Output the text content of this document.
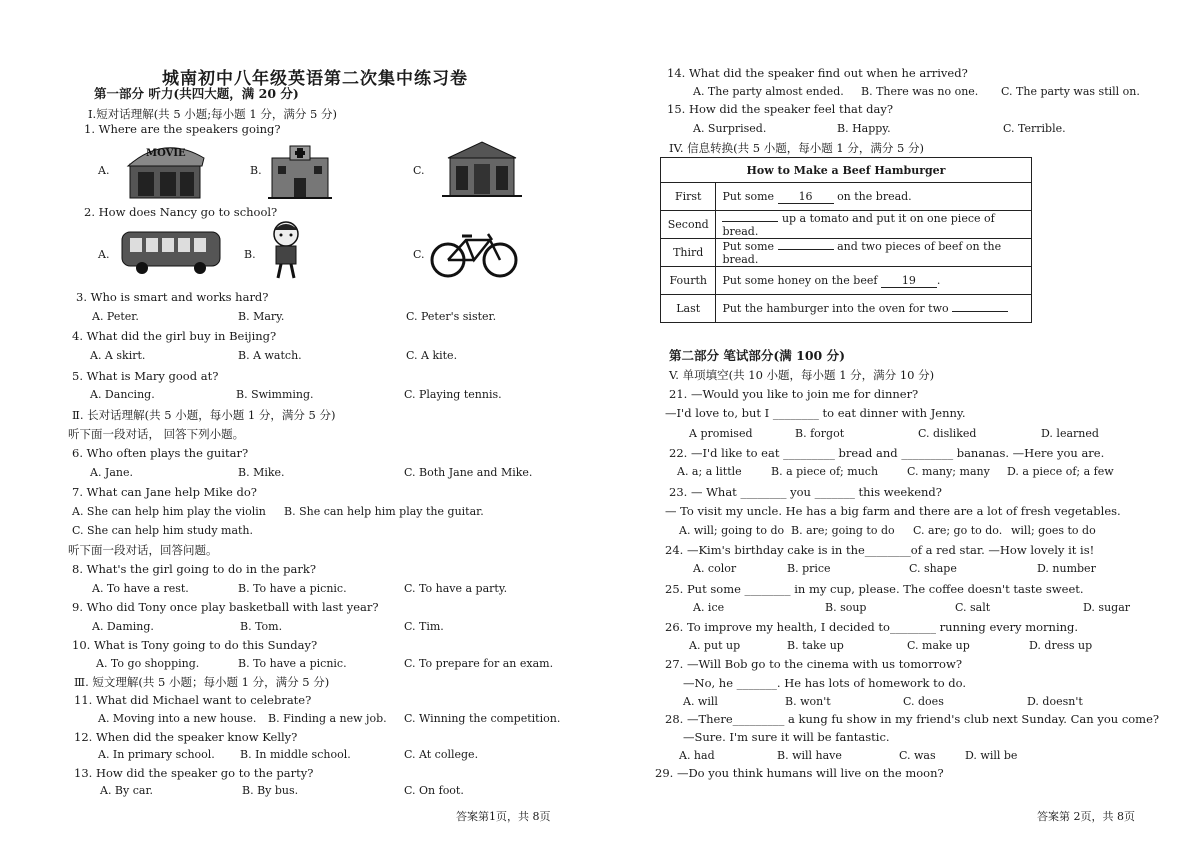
城南初中八年级英语第二次集中练习卷
第一部分 听力(共四大题，满 20 分)
Ⅰ.短对话理解(共 5 小题;每小题 1 分，满分 5 分)
1. Where are the speakers going?
A.	B.	C.
MOVIE
2. How does Nancy go to school?
A.	B.	C.
3. Who is smart and works hard?
A. Peter.	B. Mary.	C. Peter's sister.
4. What did the girl buy in Beijing?
A. A skirt.	B. A watch.	C. A kite.
5. What is Mary good at?
A. Dancing.	B. Swimming.	C. Playing tennis.
Ⅱ. 长对话理解(共 5 小题，每小题 1 分，满分 5 分)
听下面一段对话， 回答下列小题。
6. Who often plays the guitar?
A. Jane.	B. Mike.	C. Both Jane and Mike.
7. What can Jane help Mike do?
A. She can help him play the violin B. She can help him play the guitar.
C. She can help him study math.
听下面一段对话，回答问题。
8. What's the girl going to do in the park?
A. To have a rest.	B. To have a picnic.	C. To have a party.
9. Who did Tony once play basketball with last year?
A. Daming.	B. Tom.	C. Tim.
10. What is Tony going to do this Sunday?
A. To go shopping.	B. To have a picnic.	C. To prepare for an exam.
Ⅲ. 短文理解(共 5 小题；每小题 1 分，满分 5 分)
11. What did Michael want to celebrate?
A. Moving into a new house. B. Finding a new job. C. Winning the competition.
12. When did the speaker know Kelly?
A. In primary school. B. In middle school.	C. At college.
13. How did the speaker go to the party?
A. By car.	B. By bus.	C. On foot.
答案第1页，共 8页
14. What did the speaker find out when he arrived?
A. The party almost ended. B. There was no one. C. The party was still on.
15. How did the speaker feel that day?
A. Surprised.	B. Happy.	C. Terrible.
IV. 信息转换(共 5 小题，每小题 1 分，满分 5 分)
How to Make a Beef Hamburger	
First	Put some 16 on the bread.
Second	up a tomato and put it on one piece of bread.
Third	Put some and two pieces of beef on the bread.
Fourth	Put some honey on the beef 19 .
Last	Put the hamburger into the oven for two
第二部分 笔试部分(满 100 分)
V. 单项填空(共 10 小题，每小题 1 分，满分 10 分)
21. —Would you like to join me for dinner?
—I'd love to, but I ________ to eat dinner with Jenny.
A promised	B. forgot	C. disliked	D. learned
22. —I'd like to eat _________ bread and _________ bananas. —Here you are.
A. a; a little	B. a piece of; much	C. many; many D. a piece of; a few
23. — What ________ you _______ this weekend?
— To visit my uncle. He has a big farm and there are a lot of fresh vegetables.
A. will; going to do B. are; going to do C. are; go to do. will; goes to do
24. —Kim's birthday cake is in the________of a red star. —How lovely it is!
A. color	B. price	C. shape	D. number
25. Put some ________ in my cup, please. The coffee doesn't taste sweet.
A. ice	B. soup	C. salt	D. sugar
26. To improve my health, I decided to________ running every morning.
A. put up	B. take up	C. make up	D. dress up
27. —Will Bob go to the cinema with us tomorrow?
—No, he _______. He has lots of homework to do.
A. will	B. won't	C. does	D. doesn't
28. —There_________ a kung fu show in my friend's club next Sunday. Can you come?
—Sure. I'm sure it will be fantastic.
A. had	B. will have	C. was	D. will be
29. —Do you think humans will live on the moon?
答案第 2页，共 8页
